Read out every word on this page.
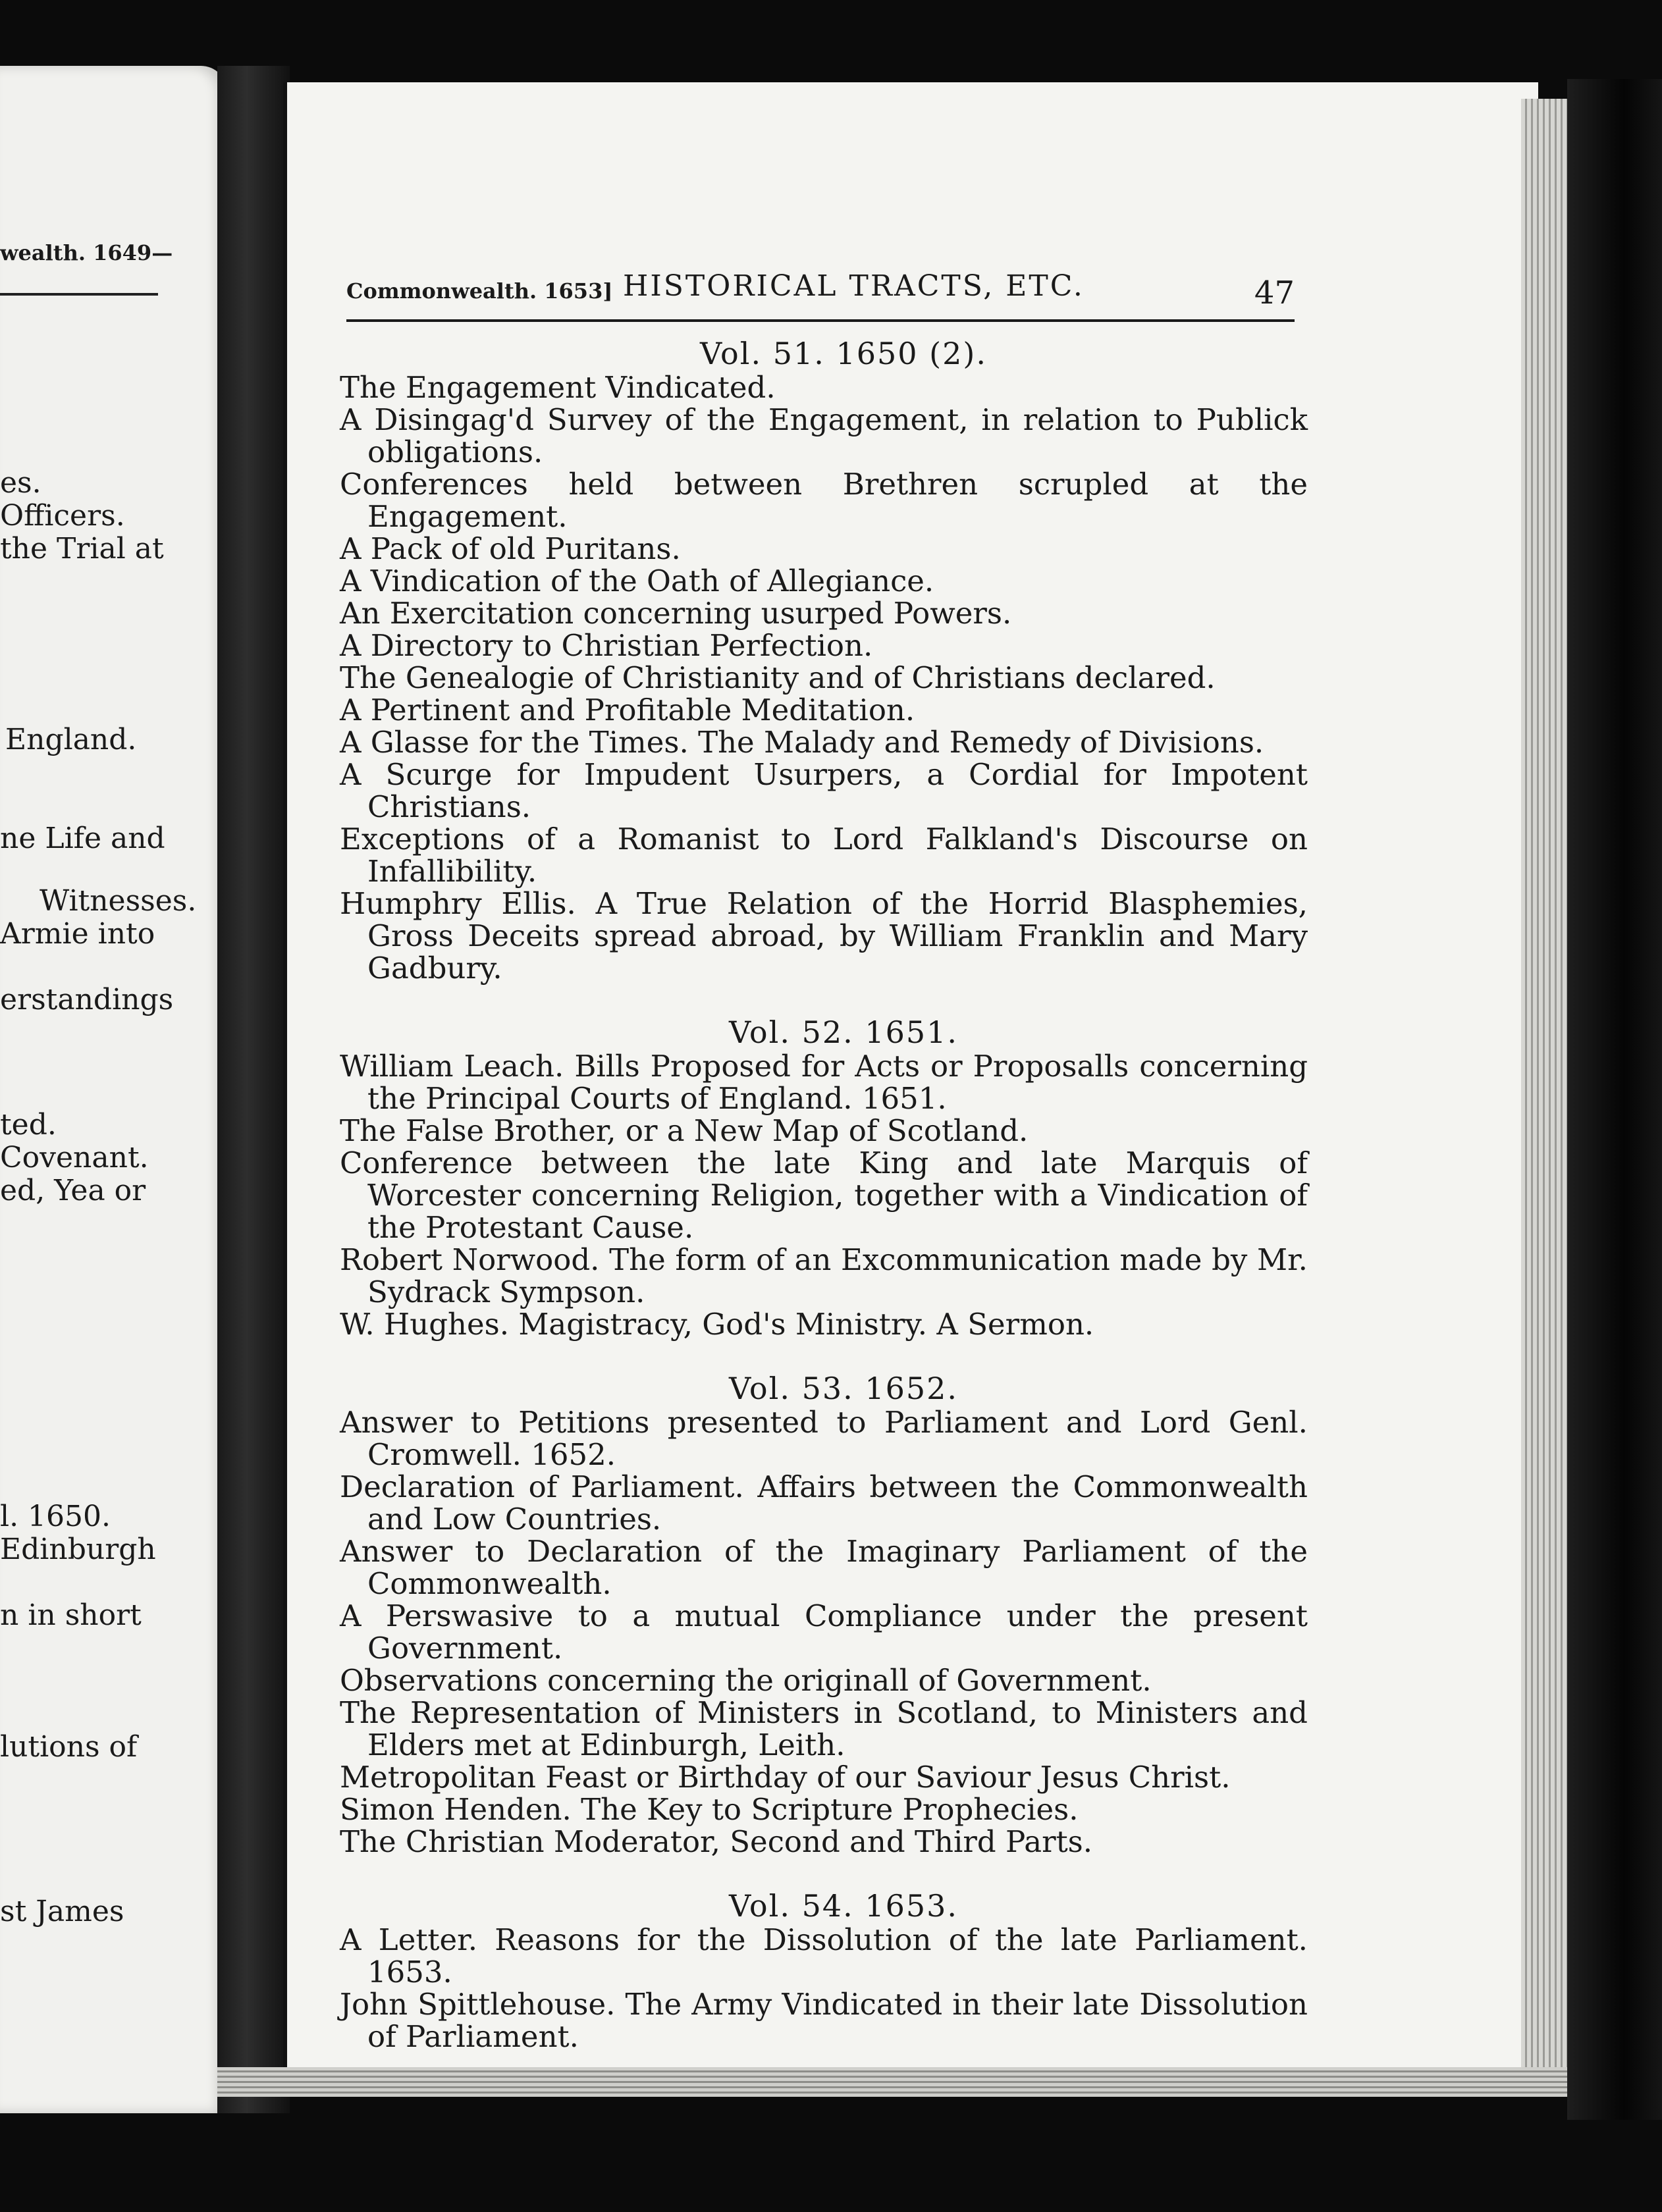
wealth. 1649—
es.
Officers.
the Trial at
England.
ne Life and
Witnesses.
Armie into
erstandings
ted.
Covenant.
ed, Yea or
l. 1650.
Edinburgh
n in short
lutions of
st James
Commonwealth. 1653] HISTORICAL TRACTS, ETC.	47
Vol. 51. 1650 (2).
The Engagement Vindicated.
A Disingag'd Survey of the Engagement, in relation to Publick obligations.
Conferences held between Brethren scrupled at the Engagement.
A Pack of old Puritans.
A Vindication of the Oath of Allegiance.
An Exercitation concerning usurped Powers.
A Directory to Christian Perfection.
The Genealogie of Christianity and of Christians declared.
A Pertinent and Profitable Meditation.
A Glasse for the Times. The Malady and Remedy of Divisions.
A Scurge for Impudent Usurpers, a Cordial for Impotent Christians.
Exceptions of a Romanist to Lord Falkland's Discourse on Infallibility.
Humphry Ellis. A True Relation of the Horrid Blasphemies, Gross Deceits spread abroad, by William Franklin and Mary Gadbury.
Vol. 52. 1651.
William Leach. Bills Proposed for Acts or Proposalls concerning the Principal Courts of England. 1651.
The False Brother, or a New Map of Scotland.
Conference between the late King and late Marquis of Worcester concerning Religion, together with a Vindication of the Protestant Cause.
Robert Norwood. The form of an Excommunication made by Mr. Sydrack Sympson.
W. Hughes. Magistracy, God's Ministry. A Sermon.
Vol. 53. 1652.
Answer to Petitions presented to Parliament and Lord Genl. Cromwell. 1652.
Declaration of Parliament. Affairs between the Commonwealth and Low Countries.
Answer to Declaration of the Imaginary Parliament of the Commonwealth.
A Perswasive to a mutual Compliance under the present Government.
Observations concerning the originall of Government.
The Representation of Ministers in Scotland, to Ministers and Elders met at Edinburgh, Leith.
Metropolitan Feast or Birthday of our Saviour Jesus Christ.
Simon Henden. The Key to Scripture Prophecies.
The Christian Moderator, Second and Third Parts.
Vol. 54. 1653.
A Letter. Reasons for the Dissolution of the late Parliament. 1653.
John Spittlehouse. The Army Vindicated in their late Dissolution of Parliament.
